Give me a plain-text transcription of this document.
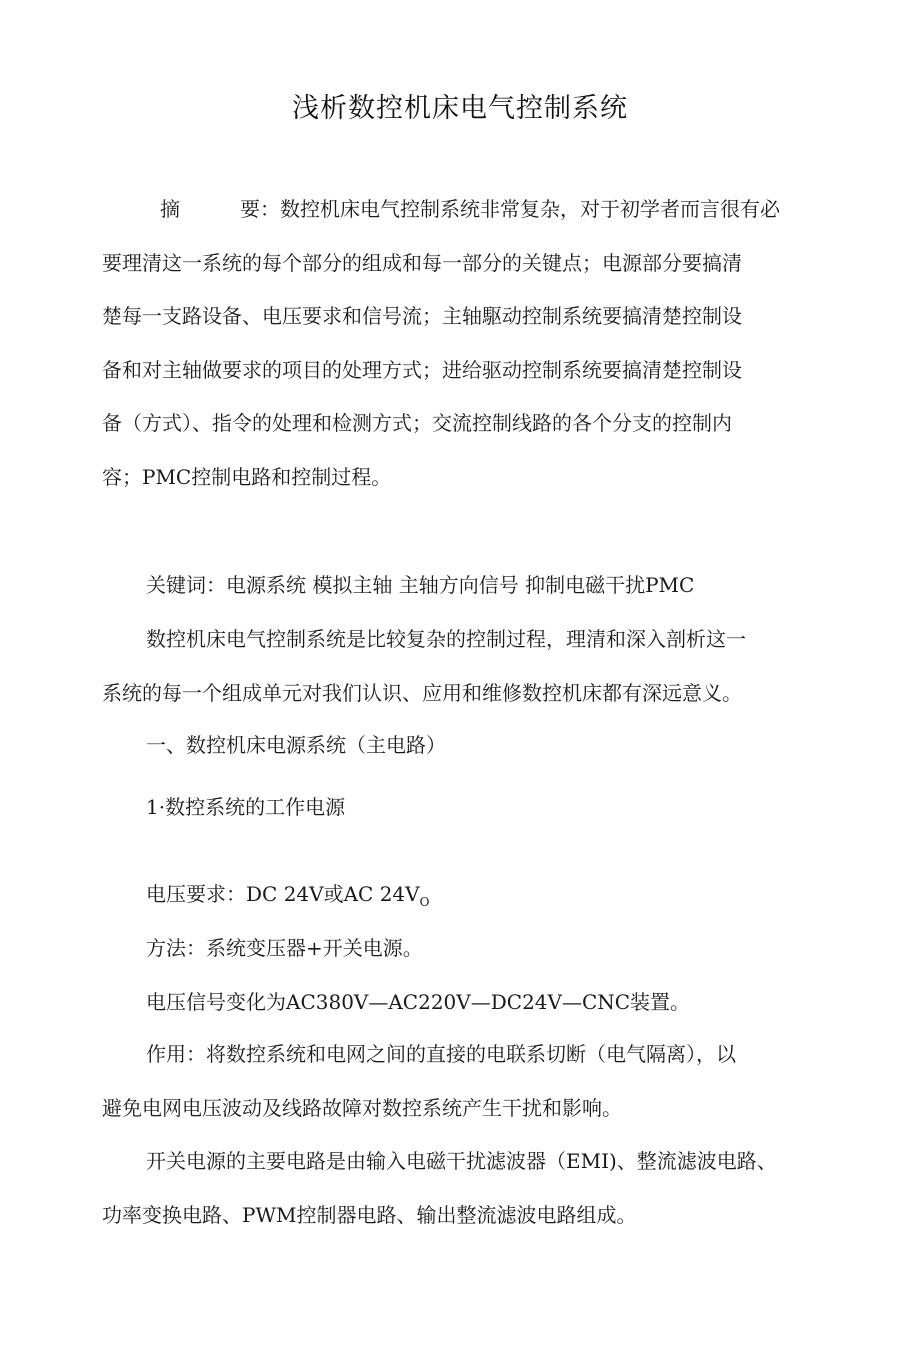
浅析数控机床电气控制系统
摘	要：数控机床电气控制系统非常复杂，对于初学者而言很有必
要理清这一系统的每个部分的组成和每一部分的关键点；电源部分要搞清
楚每一支路设备、电压要求和信号流；主轴駆动控制系统要搞清楚控制设
备和对主轴做要求的项目的处理方式；进给驱动控制系统要搞清楚控制设
备（方式）、指令的处理和检测方式；交流控制线路的各个分支的控制内
容；PMC控制电路和控制过程。
关键词：电源系统 模拟主轴 主轴方向信号 抑制电磁干扰PMC
数控机床电气控制系统是比较复杂的控制过程，理清和深入剖析这一
系统的每一个组成单元对我们认识、应用和维修数控机床都有深远意义。
一、数控机床电源系统（主电路）
1·数控系统的工作电源
电压要求：DC 24V或AC $24V_O$
方法：系统变压器+开关电源。
电压信号变化为AC380V—AC220V—DC24V—CNC装置。
作用：将数控系统和电网之间的直接的电联系切断（电气隔离），以
避免电网电压波动及线路故障对数控系统产生干扰和影响。
开关电源的主要电路是由输入电磁干扰滤波器（EMI)、整流滤波电路、
功率变换电路、PWM控制器电路、输出整流滤波电路组成。
